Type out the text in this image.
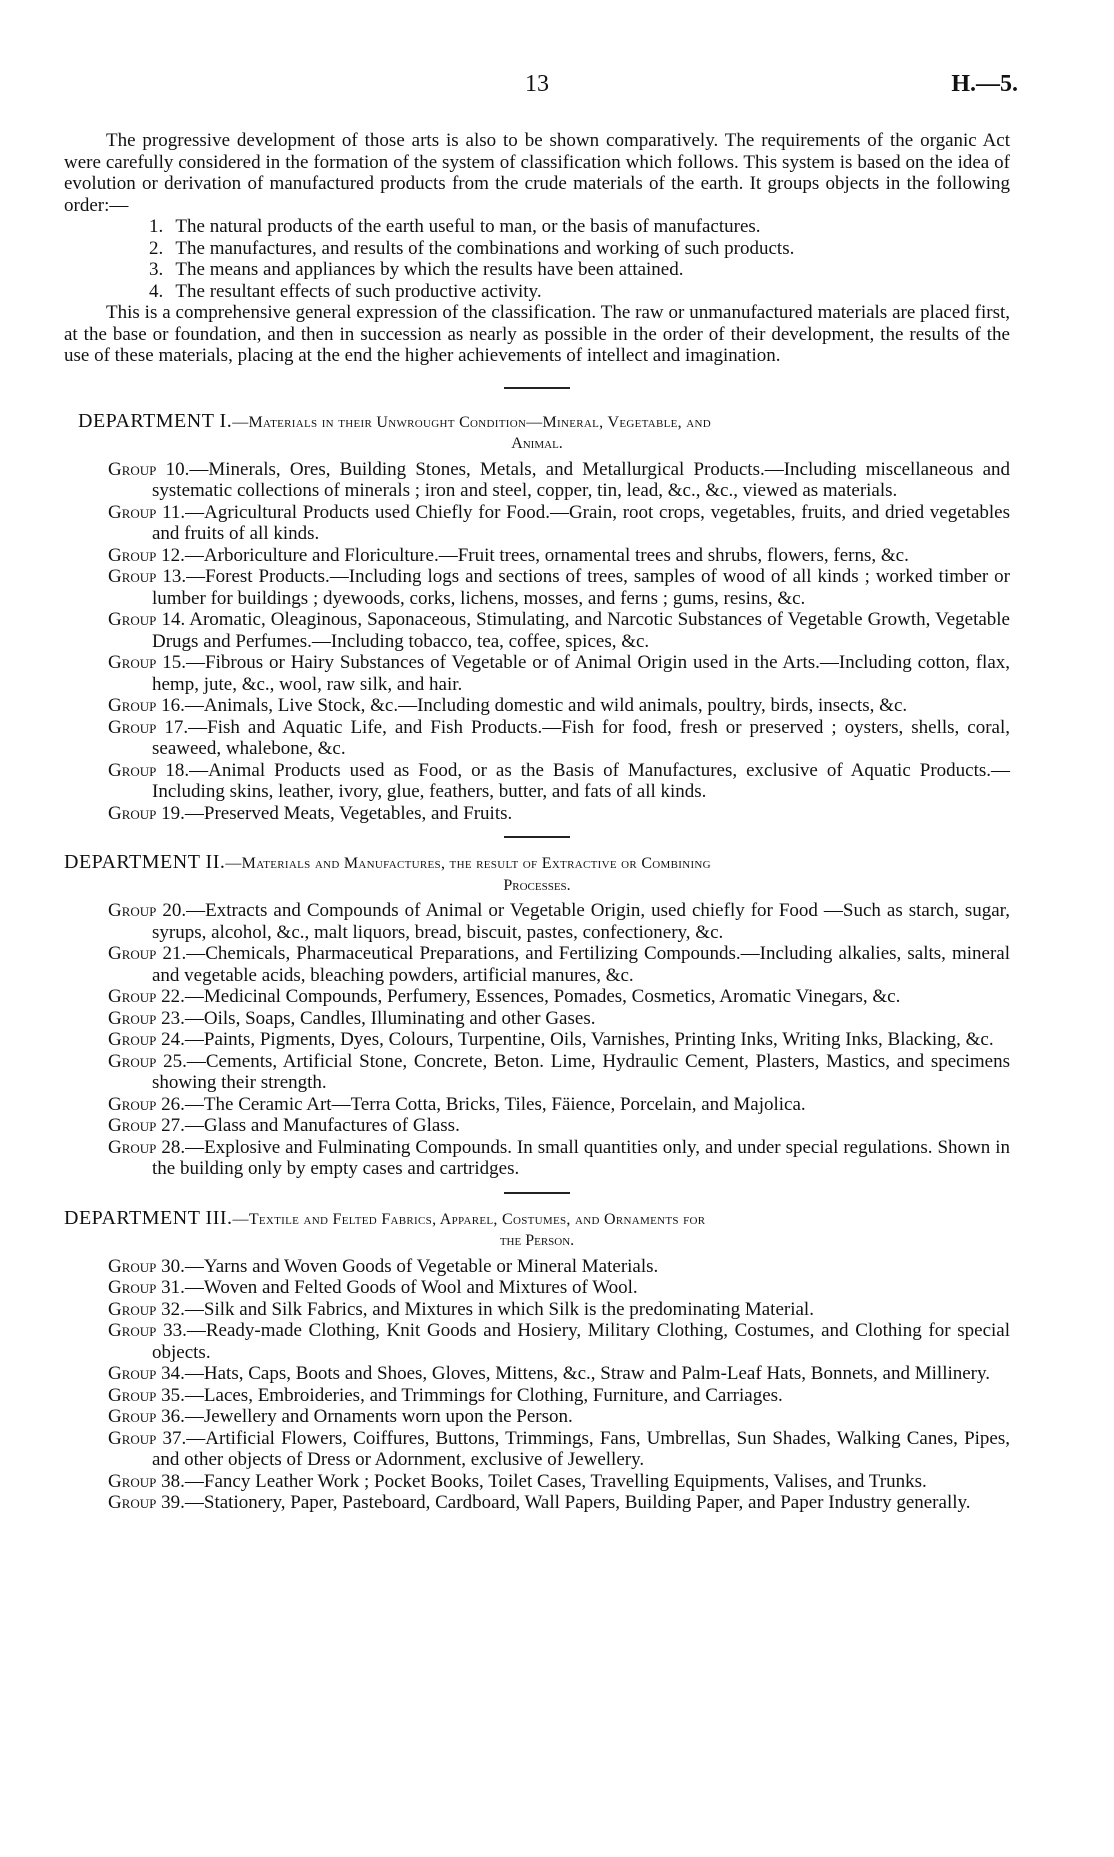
13	H.—5.

The progressive development of those arts is also to be shown comparatively. The requirements of the organic Act were carefully considered in the formation of the system of classification which follows. This system is based on the idea of evolution or derivation of manufactured products from the crude materials of the earth. It groups objects in the following order:—

1. The natural products of the earth useful to man, or the basis of manufactures.
2. The manufactures, and results of the combinations and working of such products.
3. The means and appliances by which the results have been attained.
4. The resultant effects of such productive activity.

This is a comprehensive general expression of the classification. The raw or unmanufactured materials are placed first, at the base or foundation, and then in succession as nearly as possible in the order of their development, the results of the use of these materials, placing at the end the higher achievements of intellect and imagination.

DEPARTMENT I.—Materials in their Unwrought Condition—Mineral, Vegetable, and
Animal.

Group 10.—Minerals, Ores, Building Stones, Metals, and Metallurgical Products.—Including miscellaneous and systematic collections of minerals ; iron and steel, copper, tin, lead, &c., &c., viewed as materials.

Group 11.—Agricultural Products used Chiefly for Food.—Grain, root crops, vegetables, fruits, and dried vegetables and fruits of all kinds.

Group 12.—Arboriculture and Floriculture.—Fruit trees, ornamental trees and shrubs, flowers, ferns, &c.

Group 13.—Forest Products.—Including logs and sections of trees, samples of wood of all kinds ; worked timber or lumber for buildings ; dyewoods, corks, lichens, mosses, and ferns ; gums, resins, &c.

Group 14. Aromatic, Oleaginous, Saponaceous, Stimulating, and Narcotic Substances of Vegetable Growth, Vegetable Drugs and Perfumes.—Including tobacco, tea, coffee, spices, &c.

Group 15.—Fibrous or Hairy Substances of Vegetable or of Animal Origin used in the Arts.—Including cotton, flax, hemp, jute, &c., wool, raw silk, and hair.

Group 16.—Animals, Live Stock, &c.—Including domestic and wild animals, poultry, birds, insects, &c.

Group 17.—Fish and Aquatic Life, and Fish Products.—Fish for food, fresh or preserved ; oysters, shells, coral, seaweed, whalebone, &c.

Group 18.—Animal Products used as Food, or as the Basis of Manufactures, exclusive of Aquatic Products.—Including skins, leather, ivory, glue, feathers, butter, and fats of all kinds.

Group 19.—Preserved Meats, Vegetables, and Fruits.

DEPARTMENT II.—Materials and Manufactures, the result of Extractive or Combining
Processes.

Group 20.—Extracts and Compounds of Animal or Vegetable Origin, used chiefly for Food —Such as starch, sugar, syrups, alcohol, &c., malt liquors, bread, biscuit, pastes, confectionery, &c.

Group 21.—Chemicals, Pharmaceutical Preparations, and Fertilizing Compounds.—Including alkalies, salts, mineral and vegetable acids, bleaching powders, artificial manures, &c.

Group 22.—Medicinal Compounds, Perfumery, Essences, Pomades, Cosmetics, Aromatic Vinegars, &c.

Group 23.—Oils, Soaps, Candles, Illuminating and other Gases.

Group 24.—Paints, Pigments, Dyes, Colours, Turpentine, Oils, Varnishes, Printing Inks, Writing Inks, Blacking, &c.

Group 25.—Cements, Artificial Stone, Concrete, Beton. Lime, Hydraulic Cement, Plasters, Mastics, and specimens showing their strength.

Group 26.—The Ceramic Art—Terra Cotta, Bricks, Tiles, Fäience, Porcelain, and Majolica.

Group 27.—Glass and Manufactures of Glass.

Group 28.—Explosive and Fulminating Compounds. In small quantities only, and under special regulations. Shown in the building only by empty cases and cartridges.

DEPARTMENT III.—Textile and Felted Fabrics, Apparel, Costumes, and Ornaments for
the Person.

Group 30.—Yarns and Woven Goods of Vegetable or Mineral Materials.

Group 31.—Woven and Felted Goods of Wool and Mixtures of Wool.

Group 32.—Silk and Silk Fabrics, and Mixtures in which Silk is the predominating Material.

Group 33.—Ready-made Clothing, Knit Goods and Hosiery, Military Clothing, Costumes, and Clothing for special objects.

Group 34.—Hats, Caps, Boots and Shoes, Gloves, Mittens, &c., Straw and Palm-Leaf Hats, Bonnets, and Millinery.

Group 35.—Laces, Embroideries, and Trimmings for Clothing, Furniture, and Carriages.

Group 36.—Jewellery and Ornaments worn upon the Person.

Group 37.—Artificial Flowers, Coiffures, Buttons, Trimmings, Fans, Umbrellas, Sun Shades, Walking Canes, Pipes, and other objects of Dress or Adornment, exclusive of Jewellery.

Group 38.—Fancy Leather Work ; Pocket Books, Toilet Cases, Travelling Equipments, Valises, and Trunks.

Group 39.—Stationery, Paper, Pasteboard, Cardboard, Wall Papers, Building Paper, and Paper Industry generally.
